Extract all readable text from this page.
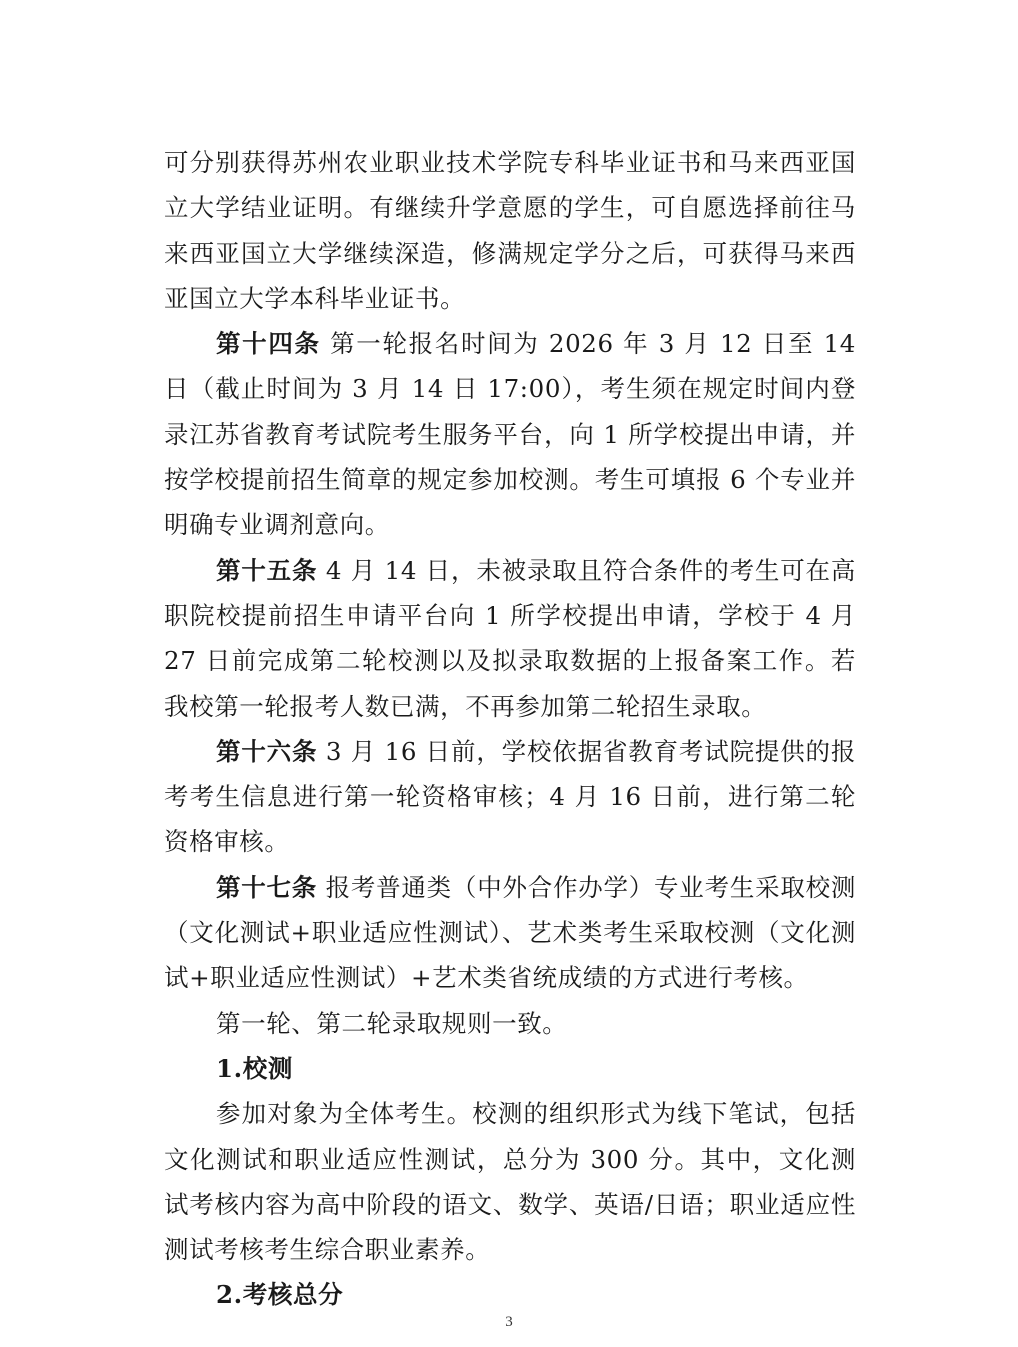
可分别获得苏州农业职业技术学院专科毕业证书和马来西亚国立大学结业证明。有继续升学意愿的学生，可自愿选择前往马来西亚国立大学继续深造，修满规定学分之后，可获得马来西亚国立大学本科毕业证书。

第十四条 第一轮报名时间为 2026 年 3 月 12 日至 14 日（截止时间为 3 月 14 日 17:00），考生须在规定时间内登录江苏省教育考试院考生服务平台，向 1 所学校提出申请，并按学校提前招生简章的规定参加校测。考生可填报 6 个专业并明确专业调剂意向。

第十五条 4 月 14 日，未被录取且符合条件的考生可在高职院校提前招生申请平台向 1 所学校提出申请，学校于 4 月 27 日前完成第二轮校测以及拟录取数据的上报备案工作。若我校第一轮报考人数已满，不再参加第二轮招生录取。

第十六条 3 月 16 日前，学校依据省教育考试院提供的报考考生信息进行第一轮资格审核；4 月 16 日前，进行第二轮资格审核。

第十七条 报考普通类（中外合作办学）专业考生采取校测（文化测试+职业适应性测试）、艺术类考生采取校测（文化测试+职业适应性测试）+艺术类省统成绩的方式进行考核。

第一轮、第二轮录取规则一致。

1.校测

参加对象为全体考生。校测的组织形式为线下笔试，包括文化测试和职业适应性测试，总分为 300 分。其中，文化测试考核内容为高中阶段的语文、数学、英语/日语；职业适应性测试考核考生综合职业素养。

2.考核总分

3
